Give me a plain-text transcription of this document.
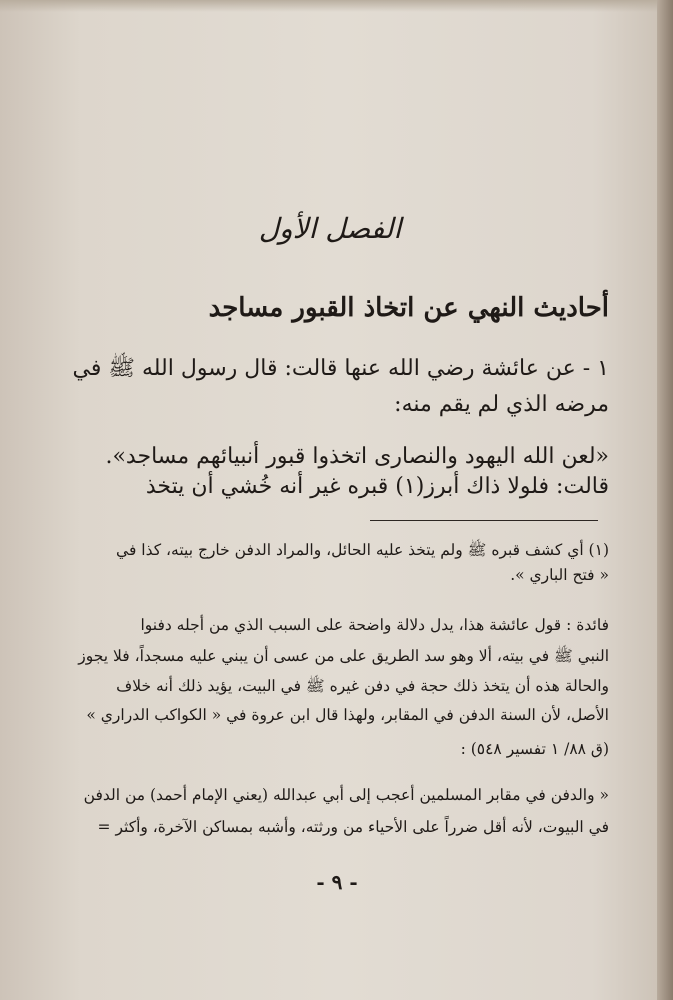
الفصل الأول
أحاديث النهي عن اتخاذ القبور مساجد
١ - عن عائشة رضي الله عنها قالت: قال رسول الله ﷺ في
مرضه الذي لم يقم منه:
«لعن الله اليهود والنصارى اتخذوا قبور أنبيائهم مساجد».
قالت: فلولا ذاك أبرز(١) قبره غير أنه خُشي أن يتخذ
(١) أي كشف قبره ﷺ ولم يتخذ عليه الحائل، والمراد الدفن خارج بيته، كذا في
« فتح الباري ».
فائدة : قول عائشة هذا، يدل دلالة واضحة على السبب الذي من أجله دفنوا
النبي ﷺ في بيته، ألا وهو سد الطريق على من عسى أن يبني عليه مسجداً، فلا يجوز
والحالة هذه أن يتخذ ذلك حجة في دفن غيره ﷺ في البيت، يؤيد ذلك أنه خلاف
الأصل، لأن السنة الدفن في المقابر، ولهذا قال ابن عروة في « الكواكب الدراري »
(ق ٨٨/ ١ تفسير ٥٤٨) :
« والدفن في مقابر المسلمين أعجب إلى أبي عبدالله (يعني الإمام أحمد) من الدفن
في البيوت، لأنه أقل ضرراً على الأحياء من ورثته، وأشبه بمساكن الآخرة، وأكثر =
- ٩ -
